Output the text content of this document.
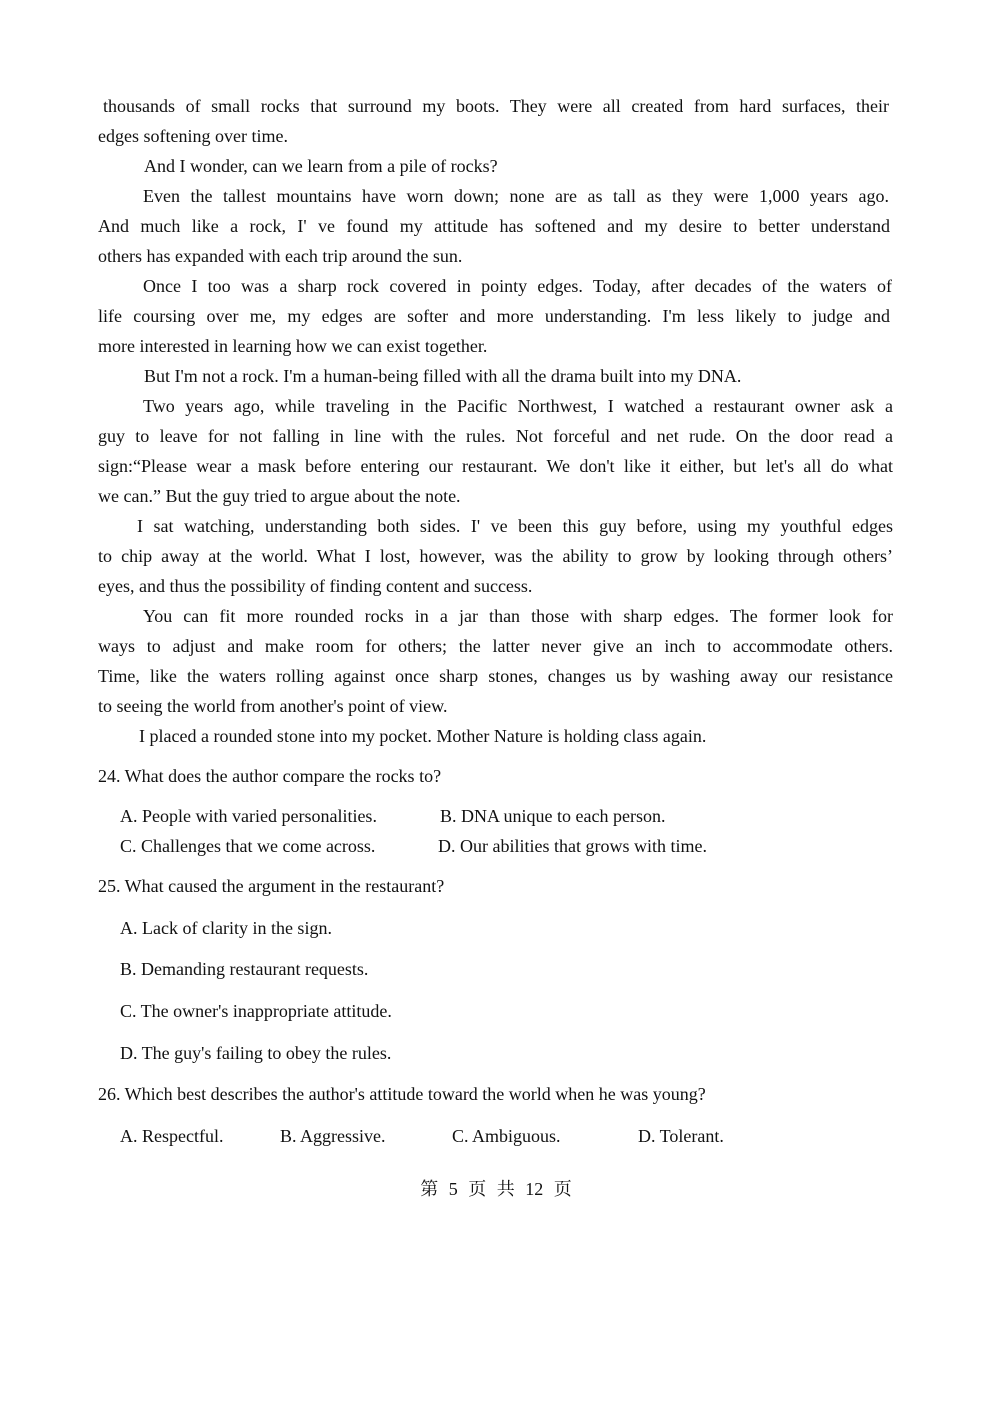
thousands of small rocks that surround my boots. They were all created from hard surfaces, their
edges softening over time.
And I wonder, can we learn from a pile of rocks?
Even the tallest mountains have worn down; none are as tall as they were 1,000 years ago.
And much like a rock, I' ve found my attitude has softened and my desire to better understand
others has expanded with each trip around the sun.
Once I too was a sharp rock covered in pointy edges. Today, after decades of the waters of
life coursing over me, my edges are softer and more understanding. I'm less likely to judge and
more interested in learning how we can exist together.
But I'm not a rock. I'm a human-being filled with all the drama built into my DNA.
Two years ago, while traveling in the Pacific Northwest, I watched a restaurant owner ask a
guy to leave for not falling in line with the rules. Not forceful and net rude. On the door read a
sign:“Please wear a mask before entering our restaurant. We don't like it either, but let's all do what
we can.” But the guy tried to argue about the note.
I sat watching, understanding both sides. I' ve been this guy before, using my youthful edges
to chip away at the world. What I lost, however, was the ability to grow by looking through others’
eyes, and thus the possibility of finding content and success.
You can fit more rounded rocks in a jar than those with sharp edges. The former look for
ways to adjust and make room for others; the latter never give an inch to accommodate others.
Time, like the waters rolling against once sharp stones, changes us by washing away our resistance
to seeing the world from another's point of view.
I placed a rounded stone into my pocket. Mother Nature is holding class again.
24. What does the author compare the rocks to?
A. People with varied personalities.	B. DNA unique to each person.
C. Challenges that we come across.	D. Our abilities that grows with time.
25. What caused the argument in the restaurant?
A. Lack of clarity in the sign.
B. Demanding restaurant requests.
C. The owner's inappropriate attitude.
D. The guy's failing to obey the rules.
26. Which best describes the author's attitude toward the world when he was young?
A. Respectful.	B. Aggressive.	C. Ambiguous.	D. Tolerant.
第 5 页 共 12 页
